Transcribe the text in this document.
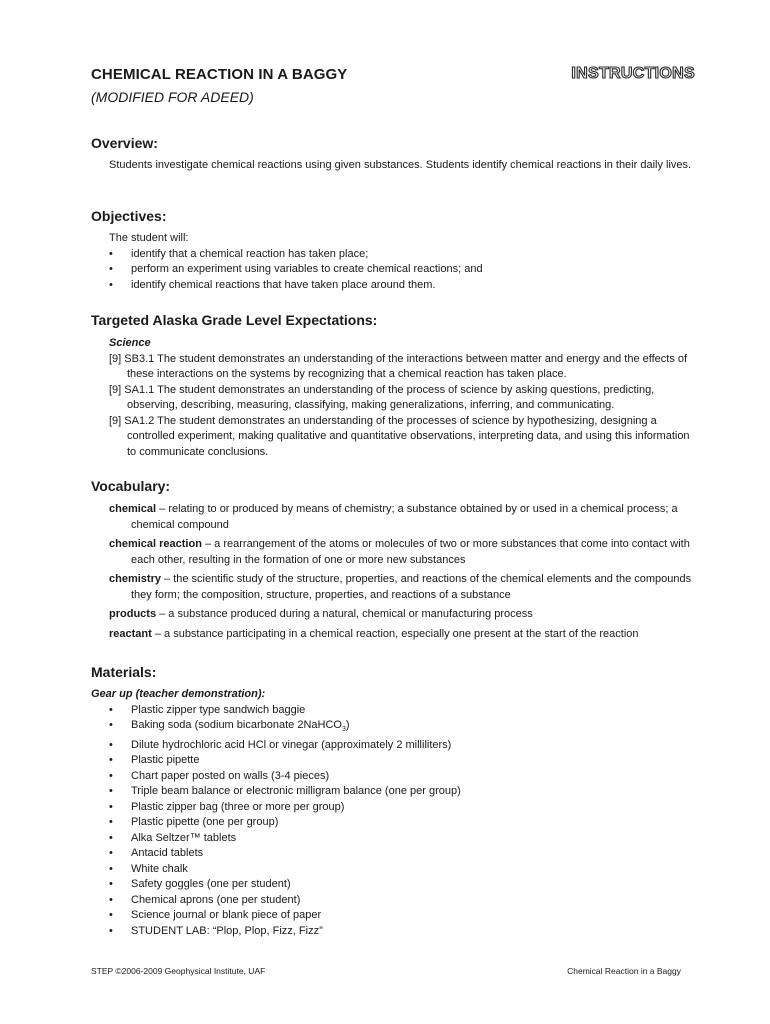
CHEMICAL REACTION IN A BAGGY	INSTRUCTIONS
(MODIFIED FOR ADEED)
Overview:

Students investigate chemical reactions using given substances. Students identify chemical reactions in their daily lives.

Objectives:

The student will:

• identify that a chemical reaction has taken place;
• perform an experiment using variables to create chemical reactions; and
• identify chemical reactions that have taken place around them.
Targeted Alaska Grade Level Expectations:
Science
[9] SB3.1 The student demonstrates an understanding of the interactions between matter and energy and the effects of these interactions on the systems by recognizing that a chemical reaction has taken place.
[9] SA1.1 The student demonstrates an understanding of the process of science by asking questions, predicting, observing, describing, measuring, classifying, making generalizations, inferring, and communicating.
[9] SA1.2 The student demonstrates an understanding of the processes of science by hypothesizing, designing a controlled experiment, making qualitative and quantitative observations, interpreting data, and using this information to communicate conclusions.
Vocabulary:
chemical – relating to or produced by means of chemistry; a substance obtained by or used in a chemical process; a chemical compound
chemical reaction – a rearrangement of the atoms or molecules of two or more substances that come into contact with each other, resulting in the formation of one or more new substances
chemistry – the scientific study of the structure, properties, and reactions of the chemical elements and the compounds they form; the composition, structure, properties, and reactions of a substance
products – a substance produced during a natural, chemical or manufacturing process
reactant – a substance participating in a chemical reaction, especially one present at the start of the reaction
Materials:
Gear up (teacher demonstration):
• Plastic zipper type sandwich baggie
• Baking soda (sodium bicarbonate 2NaHCO$_3$)
• Dilute hydrochloric acid HCl or vinegar (approximately 2 milliliters)
• Plastic pipette
• Chart paper posted on walls (3-4 pieces)
• Triple beam balance or electronic milligram balance (one per group)
• Plastic zipper bag (three or more per group)
• Plastic pipette (one per group)
• Alka Seltzer™ tablets
• Antacid tablets
• White chalk
• Safety goggles (one per student)
• Chemical aprons (one per student)
• Science journal or blank piece of paper
• STUDENT LAB: “Plop, Plop, Fizz, Fizz”
STEP ©2006-2009 Geophysical Institute, UAF	Chemical Reaction in a Baggy
